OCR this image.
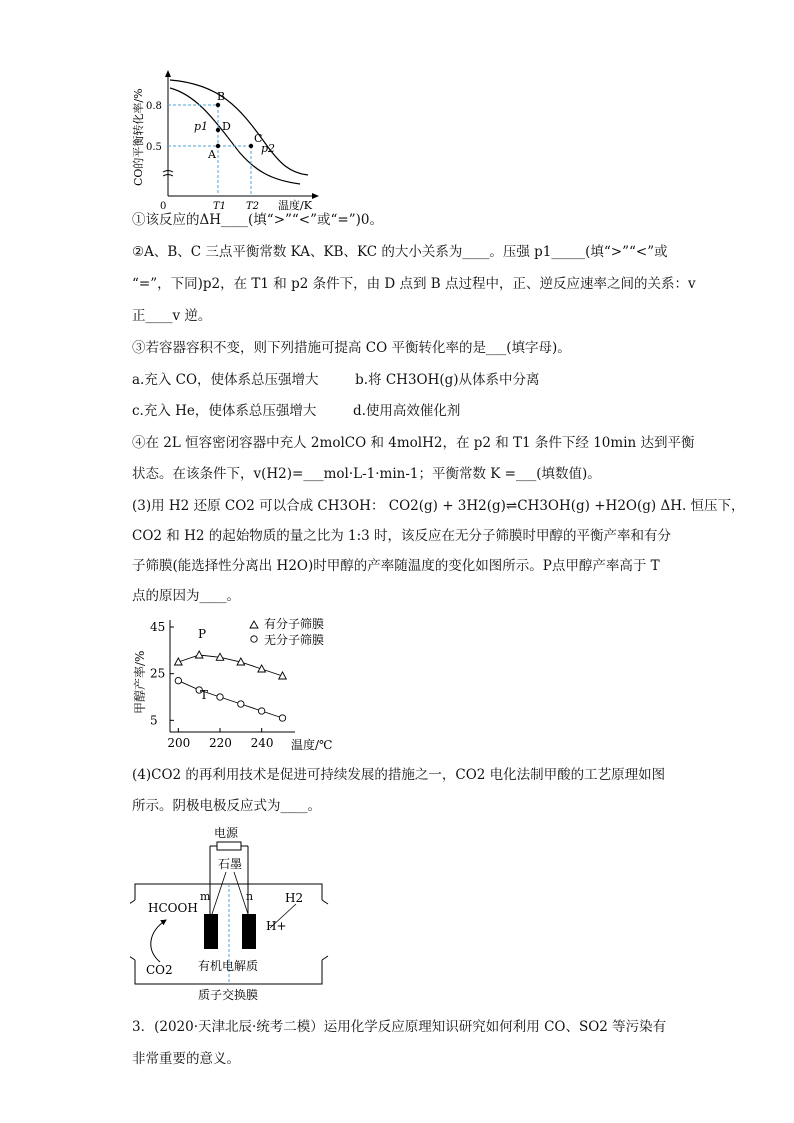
B
D
C
A
p1
p2
0.8
0.5
0	T1 T2 温度/K
CO的平衡转化率/%
①该反应的ΔH____(填“>”“<”或“=”)0。
②A、B、C 三点平衡常数 KA、KB、KC 的大小关系为____。压强 p1_____(填“>”“<”或
“=”，下同)p2，在 T1 和 p2 条件下，由 D 点到 B 点过程中，正、逆反应速率之间的关系：v
正____v 逆。
③若容器容积不变，则下列措施可提高 CO 平衡转化率的是___(填字母)。
a.充入 CO，使体系总压强增大	b.将 CH3OH(g)从体系中分离
c.充入 He，使体系总压强增大	d.使用高效催化剂
④在 2L 恒容密闭容器中充人 2molCO 和 4molH2，在 p2 和 T1 条件下经 10min 达到平衡
状态。在该条件下，v(H2)=___mol·L-1·min-1；平衡常数 K =___(填数值)。
(3)用 H2 还原 CO2 可以合成 CH3OH： CO2(g) + 3H2(g)⇌CH3OH(g) +H2O(g) ΔH. 恒压下，
CO2 和 H2 的起始物质的量之比为 1:3 时，该反应在无分子筛膜时甲醇的平衡产率和有分
子筛膜(能选择性分离出 H2O)时甲醇的产率随温度的变化如图所示。P点甲醇产率高于 T
点的原因为____。
45
25
5
200 220 240
P
T
有分子筛膜
无分子筛膜
温度/℃
甲醇产率/%
(4)CO2 的再利用技术是促进可持续发展的措施之一，CO2 电化法制甲酸的工艺原理如图
所示。阴极电极反应式为____。
电源
石墨
m	n
HCOOH
H2
H+
CO2 有机电解质
质子交换膜
3．(2020·天津北辰·统考二模）运用化学反应原理知识研究如何利用 CO、SO2 等污染有
非常重要的意义。
